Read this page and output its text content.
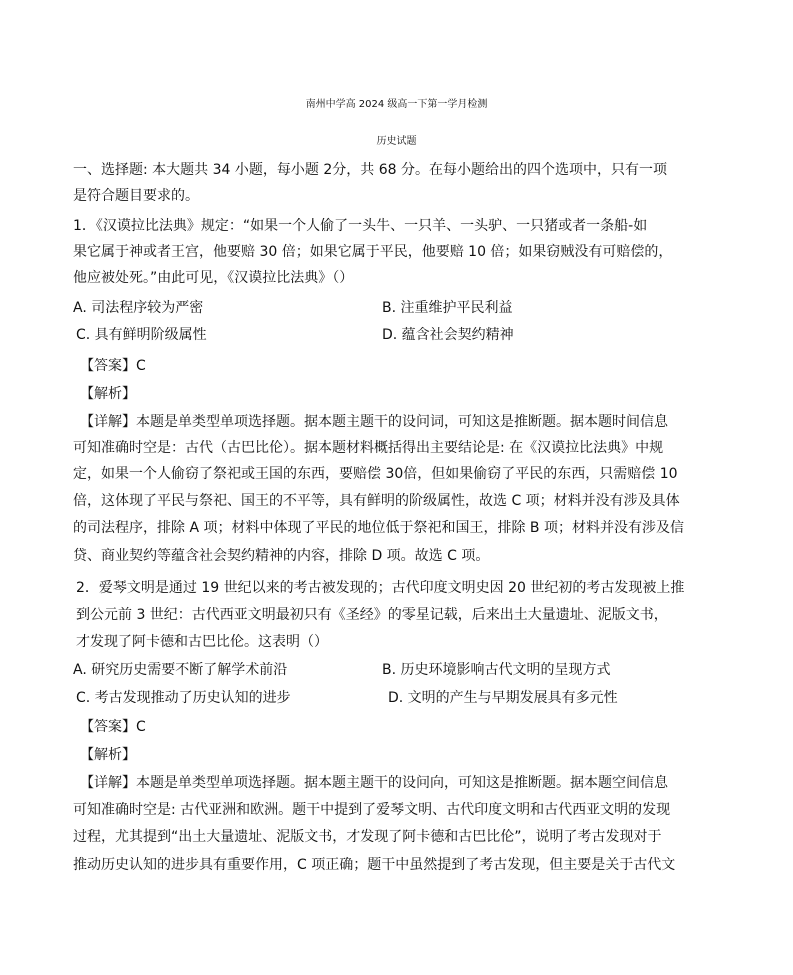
南州中学高 2024 级高一下第一学月检测
历史试题
一、选择题: 本大题共 34 小题，每小题 2分，共 68 分。在每小题给出的四个选项中，只有一项
是符合题目要求的。
1．《汉谟拉比法典》规定：“如果一个人偷了一头牛、一只羊、一头驴、一只猪或者一条船-如
果它属于神或者王宫，他要赔 30 倍；如果它属于平民，他要赔 10 倍；如果窃贼没有可赔偿的，
他应被处死。”由此可见，《汉谟拉比法典》（）
A. 司法程序较为严密	B. 注重维护平民利益
C. 具有鲜明阶级属性	D. 蕴含社会契约精神
【答案】C
【解析】
【详解】本题是单类型单项选择题。据本题主题干的设问词，可知这是推断题。据本题时间信息
可知准确时空是：古代（古巴比伦）。据本题材料概括得出主要结论是: 在《汉谟拉比法典》中规
定，如果一个人偷窃了祭祀或王国的东西，要赔偿 30倍，但如果偷窃了平民的东西，只需赔偿 10
倍，这体现了平民与祭祀、国王的不平等，具有鲜明的阶级属性，故选 C 项；材料并没有涉及具体
的司法程序，排除 A 项；材料中体现了平民的地位低于祭祀和国王，排除 B 项；材料并没有涉及信
贷、商业契约等蕴含社会契约精神的内容，排除 D 项。故选 C 项。
2．爱琴文明是通过 19 世纪以来的考古被发现的；古代印度文明史因 20 世纪初的考古发现被上推
到公元前 3 世纪：古代西亚文明最初只有《圣经》的零星记载，后来出土大量遗址、泥版文书，
才发现了阿卡德和古巴比伦。这表明（）
A. 研究历史需要不断了解学术前沿	B. 历史环境影响古代文明的呈现方式
C. 考古发现推动了历史认知的进步	D. 文明的产生与早期发展具有多元性
【答案】C
【解析】
【详解】本题是单类型单项选择题。据本题主题干的设问向，可知这是推断题。据本题空间信息
可知准确时空是: 古代亚洲和欧洲。题干中提到了爱琴文明、古代印度文明和古代西亚文明的发现
过程，尤其提到“出土大量遗址、泥版文书，才发现了阿卡德和古巴比伦”，说明了考古发现对于
推动历史认知的进步具有重要作用，C 项正确；题干中虽然提到了考古发现，但主要是关于古代文
